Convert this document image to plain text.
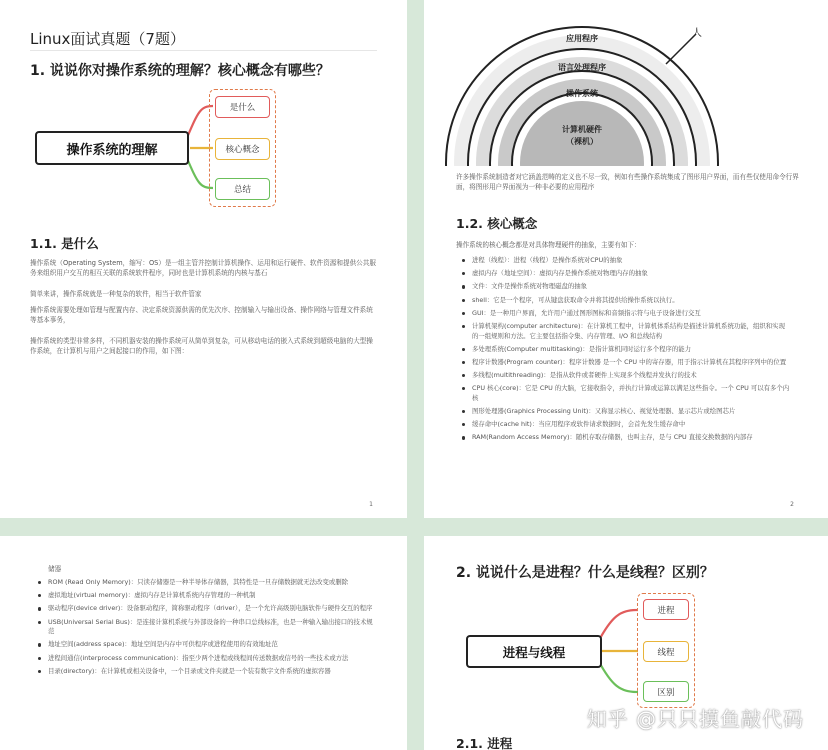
Linux面试真题（7题）
1. 说说你对操作系统的理解？核心概念有哪些？
操作系统的理解
是什么
核心概念
总结
1.1. 是什么
操作系统（Operating System，缩写：OS）是一组主管并控制计算机操作、运用和运行硬件、软件资源和提供公共服务来组织用户交互的相互关联的系统软件程序，同时也是计算机系统的内核与基石
简单来讲，操作系统就是一种复杂的软件，相当于软件管家
操作系统需要处理如管理与配置内存、决定系统资源供需的优先次序、控制输入与输出设备、操作网络与管理文件系统等基本事务，
操作系统的类型非常多样，不同机器安装的操作系统可从简单到复杂，可从移动电话的嵌入式系统到超级电脑的大型操作系统，在计算机与用户之间起接口的作用，如下图：
1
应用程序
语言处理程序
操作系统
计算机硬件
（裸机）
人
许多操作系统制造者对它涵盖范畴的定义也不尽一致，例如有些操作系统集成了图形用户界面，而有些仅使用命令行界面，将图形用户界面视为一种非必要的应用程序
1.2. 核心概念
操作系统的核心概念都是对具体物理硬件的抽象，主要有如下：
进程（线程）：进程（线程）是操作系统对CPU的抽象
虚拟内存（地址空间）：虚拟内存是操作系统对物理内存的抽象
文件：文件是操作系统对物理磁盘的抽象
shell：它是一个程序，可从键盘获取命令并将其提供给操作系统以执行。
GUI：是一种用户界面，允许用户通过图形图标和音频指示符与电子设备进行交互
计算机架构(computer architecture)：在计算机工程中，计算机体系结构是描述计算机系统功能，组织和实现的一组规则和方法。它主要包括指令集、内存管理、I/O 和总线结构
多处理系统(Computer multitasking)：是指计算机同时运行多个程序的能力
程序计数器(Program counter)：程序计数器 是一个 CPU 中的寄存器，用于指示计算机在其程序序列中的位置
多线程(multithreading)：是指从软件或者硬件上实现多个线程并发执行的技术
CPU 核心(core)：它是 CPU 的大脑，它接收指令，并执行计算或运算以满足这些指令。一个 CPU 可以有多个内核
图形处理器(Graphics Processing Unit)：又称显示核心、视觉处理器、显示芯片或绘图芯片
缓存命中(cache hit)：当应用程序或软件请求数据时，会首先发生缓存命中
RAM(Random Access Memory)：随机存取存储器，也叫主存，是与 CPU 直接交换数据的内部存
2
储器
ROM (Read Only Memory)：只读存储器是一种半导体存储器，其特性是一旦存储数据就无法改变或删除
虚拟地址(virtual memory)：虚拟内存是计算机系统内存管理的一种机制
驱动程序(device driver)：设备驱动程序，简称驱动程序（driver），是一个允许高级别电脑软件与硬件交互的程序
USB(Universal Serial Bus)：是连接计算机系统与外部设备的一种串口总线标准，也是一种输入输出接口的技术规范
地址空间(address space)：地址空间是内存中可供程序或进程使用的有效地址范
进程间通信(interprocess communication)：指至少两个进程或线程间传送数据或信号的一些技术或方法
目录(directory)：在计算机或相关设备中，一个目录或文件夹就是一个装有数字文件系统的虚拟容器
2. 说说什么是进程？什么是线程？区别？
进程与线程
进程
线程
区别
2.1. 进程
知乎 @只只摸鱼敲代码
